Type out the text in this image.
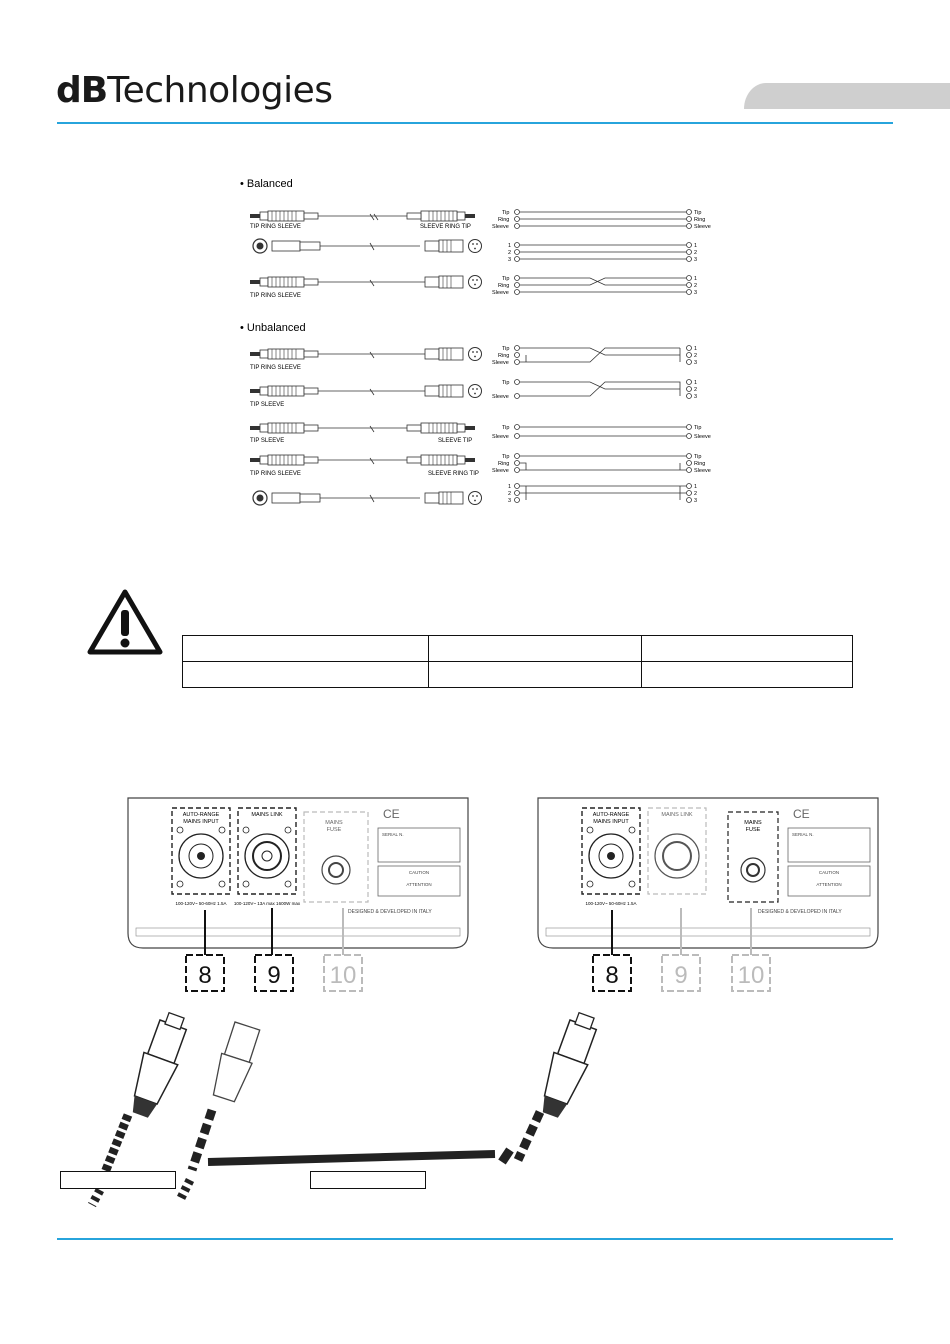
dBTechnologies
• Balanced
TIP RING SLEEVE	SLEEVE RING TIP
TIP RING SLEEVE
• Unbalanced
TIP RING SLEEVE
TIP SLEEVE
TIP SLEEVE	SLEEVE TIP
TIP RING SLEEVE	SLEEVE RING TIP
Tip
Ring
Sleeve
Tip
Ring
Sleeve
1
2
3
1
2
3
Tip
Ring
Sleeve
1
2
3
Tip
Ring
Sleeve
1
2
3
Tip
Sleeve
1
2
3
Tip
Sleeve
Tip
Sleeve
Tip
Ring
Sleeve
Tip
Ring
Sleeve
1
2
3
1
2
3

AUTO-RANGE
MAINS INPUT
100-120V~ 50-60Hz 1.5A
MAINS LINK
100-120V~ 13A max 1600W max
MAINS
FUSE
CE
SERIAL N.
CAUTION
ATTENTION
DESIGNED & DEVELOPED IN ITALY
AUTO-RANGE
MAINS INPUT
100-120V~ 50-60Hz 1.5A
MAINS LINK
MAINS
FUSE
CE
SERIAL N.
CAUTION
ATTENTION
DESIGNED & DEVELOPED IN ITALY
8 9 10	8 9 10
